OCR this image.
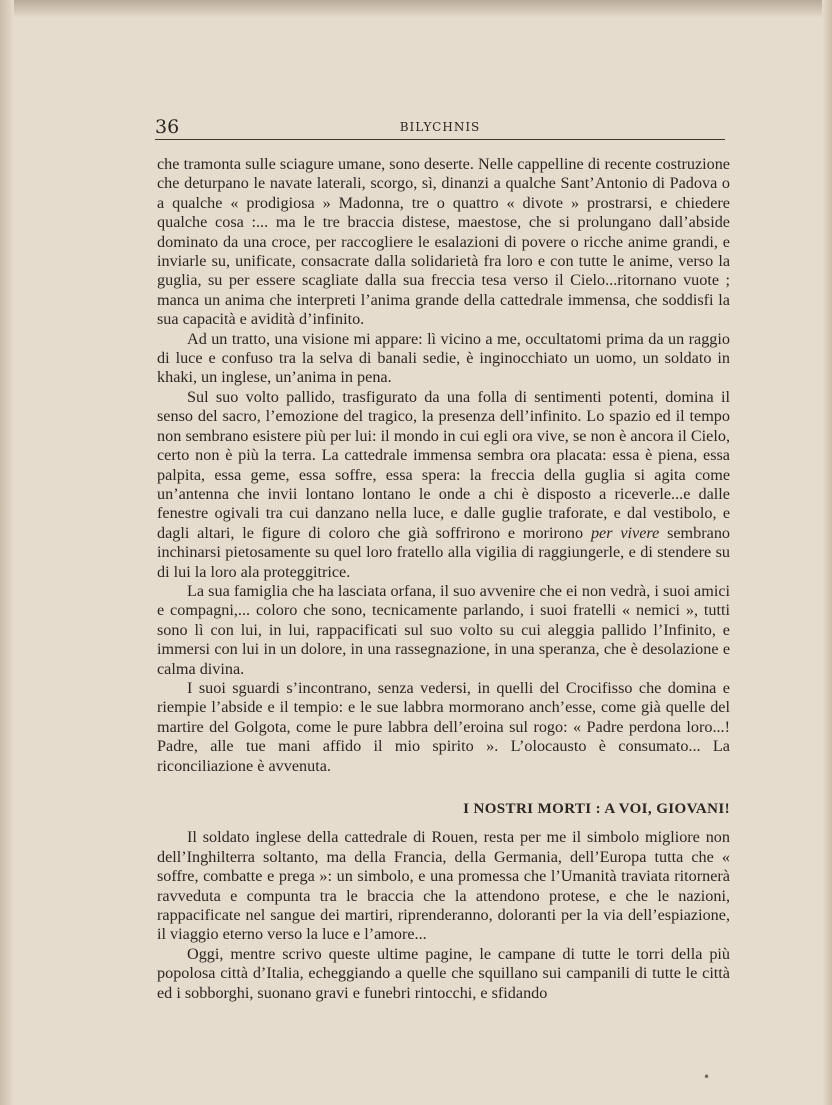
36	BILYCHNIS

che tramonta sulle sciagure umane, sono deserte. Nelle cappelline di recente costruzione che deturpano le navate laterali, scorgo, sì, dinanzi a qualche Sant’Antonio di Padova o a qualche « prodigiosa » Madonna, tre o quattro « divote » prostrarsi, e chiedere qualche cosa :... ma le tre braccia distese, maestose, che si prolungano dall’abside dominato da una croce, per raccogliere le esalazioni di povere o ricche anime grandi, e inviarle su, unificate, consacrate dalla solidarietà fra loro e con tutte le anime, verso la guglia, su per essere scagliate dalla sua freccia tesa verso il Cielo...ritornano vuote ; manca un anima che interpreti l’anima grande della cattedrale immensa, che soddisfi la sua capacità e avidità d’infinito.

Ad un tratto, una visione mi appare: lì vicino a me, occultatomi prima da un raggio di luce e confuso tra la selva di banali sedie, è inginocchiato un uomo, un soldato in khaki, un inglese, un’anima in pena.

Sul suo volto pallido, trasfigurato da una folla di sentimenti potenti, domina il senso del sacro, l’emozione del tragico, la presenza dell’infinito. Lo spazio ed il tempo non sembrano esistere più per lui: il mondo in cui egli ora vive, se non è ancora il Cielo, certo non è più la terra. La cattedrale immensa sembra ora placata: essa è piena, essa palpita, essa geme, essa soffre, essa spera: la freccia della guglia si agita come un’antenna che invii lontano lontano le onde a chi è disposto a riceverle...e dalle fenestre ogivali tra cui danzano nella luce, e dalle guglie traforate, e dal vestibolo, e dagli altari, le figure di coloro che già soffrirono e morirono per vivere sembrano inchinarsi pietosamente su quel loro fratello alla vigilia di raggiungerle, e di stendere su di lui la loro ala proteggitrice.

La sua famiglia che ha lasciata orfana, il suo avvenire che ei non vedrà, i suoi amici e compagni,... coloro che sono, tecnicamente parlando, i suoi fratelli « nemici », tutti sono lì con lui, in lui, rappacificati sul suo volto su cui aleggia pallido l’Infinito, e immersi con lui in un dolore, in una rassegnazione, in una speranza, che è desolazione e calma divina.

I suoi sguardi s’incontrano, senza vedersi, in quelli del Crocifisso che domina e riempie l’abside e il tempio: e le sue labbra mormorano anch’esse, come già quelle del martire del Golgota, come le pure labbra dell’eroina sul rogo: « Padre perdona loro...! Padre, alle tue mani affido il mio spirito ». L’olocausto è consumato... La riconciliazione è avvenuta.

I NOSTRI MORTI : A VOI, GIOVANI!

Il soldato inglese della cattedrale di Rouen, resta per me il simbolo migliore non dell’Inghilterra soltanto, ma della Francia, della Germania, dell’Europa tutta che « soffre, combatte e prega »: un simbolo, e una promessa che l’Umanità traviata ritornerà ravveduta e compunta tra le braccia che la attendono protese, e che le nazioni, rappacificate nel sangue dei martiri, riprenderanno, doloranti per la via dell’espiazione, il viaggio eterno verso la luce e l’amore...

Oggi, mentre scrivo queste ultime pagine, le campane di tutte le torri della più popolosa città d’Italia, echeggiando a quelle che squillano sui campanili di tutte le città ed i sobborghi, suonano gravi e funebri rintocchi, e sfidando

•
